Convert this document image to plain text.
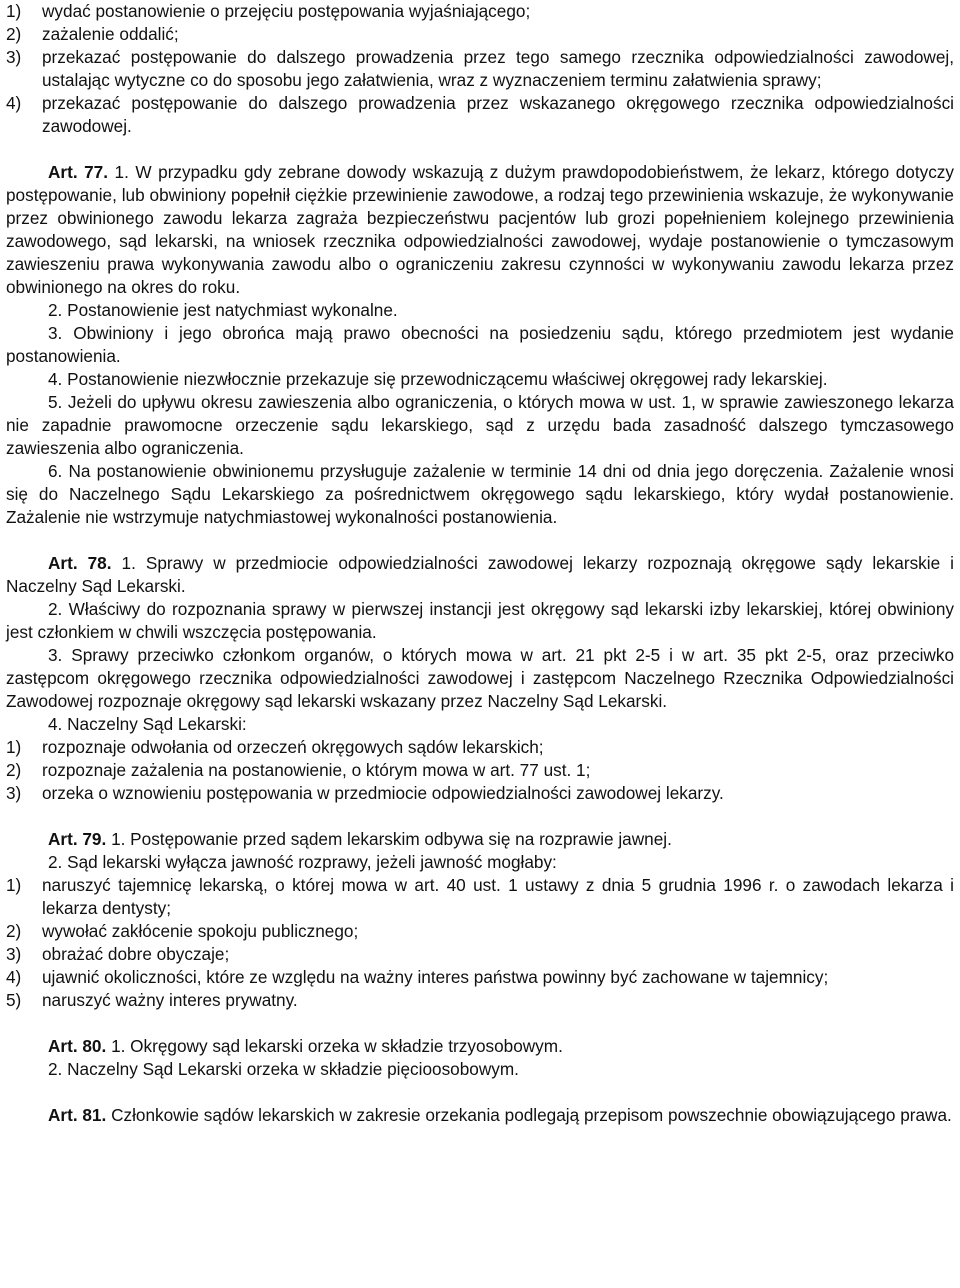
1)	wydać postanowienie o przejęciu postępowania wyjaśniającego;
2)	zażalenie oddalić;
3)	przekazać postępowanie do dalszego prowadzenia przez tego samego rzecznika odpowiedzialności zawodowej, ustalając wytyczne co do sposobu jego załatwienia, wraz z wyznaczeniem terminu załatwienia sprawy;
4)	przekazać postępowanie do dalszego prowadzenia przez wskazanego okręgowego rzecznika odpowiedzialności zawodowej.

Art. 77. 1. W przypadku gdy zebrane dowody wskazują z dużym prawdopodobieństwem, że lekarz, którego dotyczy postępowanie, lub obwiniony popełnił ciężkie przewinienie zawodowe, a rodzaj tego przewinienia wskazuje, że wykonywanie przez obwinionego zawodu lekarza zagraża bezpieczeństwu pacjentów lub grozi popełnieniem kolejnego przewinienia zawodowego, sąd lekarski, na wniosek rzecznika odpowiedzialności zawodowej, wydaje postanowienie o tymczasowym zawieszeniu prawa wykonywania zawodu albo o ograniczeniu zakresu czynności w wykonywaniu zawodu lekarza przez obwinionego na okres do roku.

2. Postanowienie jest natychmiast wykonalne.

3. Obwiniony i jego obrońca mają prawo obecności na posiedzeniu sądu, którego przedmiotem jest wydanie postanowienia.

4. Postanowienie niezwłocznie przekazuje się przewodniczącemu właściwej okręgowej rady lekarskiej.

5. Jeżeli do upływu okresu zawieszenia albo ograniczenia, o których mowa w ust. 1, w sprawie zawieszonego lekarza nie zapadnie prawomocne orzeczenie sądu lekarskiego, sąd z urzędu bada zasadność dalszego tymczasowego zawieszenia albo ograniczenia.

6. Na postanowienie obwinionemu przysługuje zażalenie w terminie 14 dni od dnia jego doręczenia. Zażalenie wnosi się do Naczelnego Sądu Lekarskiego za pośrednictwem okręgowego sądu lekarskiego, który wydał postanowienie. Zażalenie nie wstrzymuje natychmiastowej wykonalności postanowienia.

Art. 78. 1. Sprawy w przedmiocie odpowiedzialności zawodowej lekarzy rozpoznają okręgowe sądy lekarskie i Naczelny Sąd Lekarski.

2. Właściwy do rozpoznania sprawy w pierwszej instancji jest okręgowy sąd lekarski izby lekarskiej, której obwiniony jest członkiem w chwili wszczęcia postępowania.

3. Sprawy przeciwko członkom organów, o których mowa w art. 21 pkt 2-5 i w art. 35 pkt 2-5, oraz przeciwko zastępcom okręgowego rzecznika odpowiedzialności zawodowej i zastępcom Naczelnego Rzecznika Odpowiedzialności Zawodowej rozpoznaje okręgowy sąd lekarski wskazany przez Naczelny Sąd Lekarski.

4. Naczelny Sąd Lekarski:

1)	rozpoznaje odwołania od orzeczeń okręgowych sądów lekarskich;
2)	rozpoznaje zażalenia na postanowienie, o którym mowa w art. 77 ust. 1;
3)	orzeka o wznowieniu postępowania w przedmiocie odpowiedzialności zawodowej lekarzy.

Art. 79. 1. Postępowanie przed sądem lekarskim odbywa się na rozprawie jawnej.

2. Sąd lekarski wyłącza jawność rozprawy, jeżeli jawność mogłaby:

1)	naruszyć tajemnicę lekarską, o której mowa w art. 40 ust. 1 ustawy z dnia 5 grudnia 1996 r. o zawodach lekarza i lekarza dentysty;
2)	wywołać zakłócenie spokoju publicznego;
3)	obrażać dobre obyczaje;
4)	ujawnić okoliczności, które ze względu na ważny interes państwa powinny być zachowane w tajemnicy;
5)	naruszyć ważny interes prywatny.

Art. 80. 1. Okręgowy sąd lekarski orzeka w składzie trzyosobowym.

2. Naczelny Sąd Lekarski orzeka w składzie pięcioosobowym.

Art. 81. Członkowie sądów lekarskich w zakresie orzekania podlegają przepisom powszechnie obowiązującego prawa.
